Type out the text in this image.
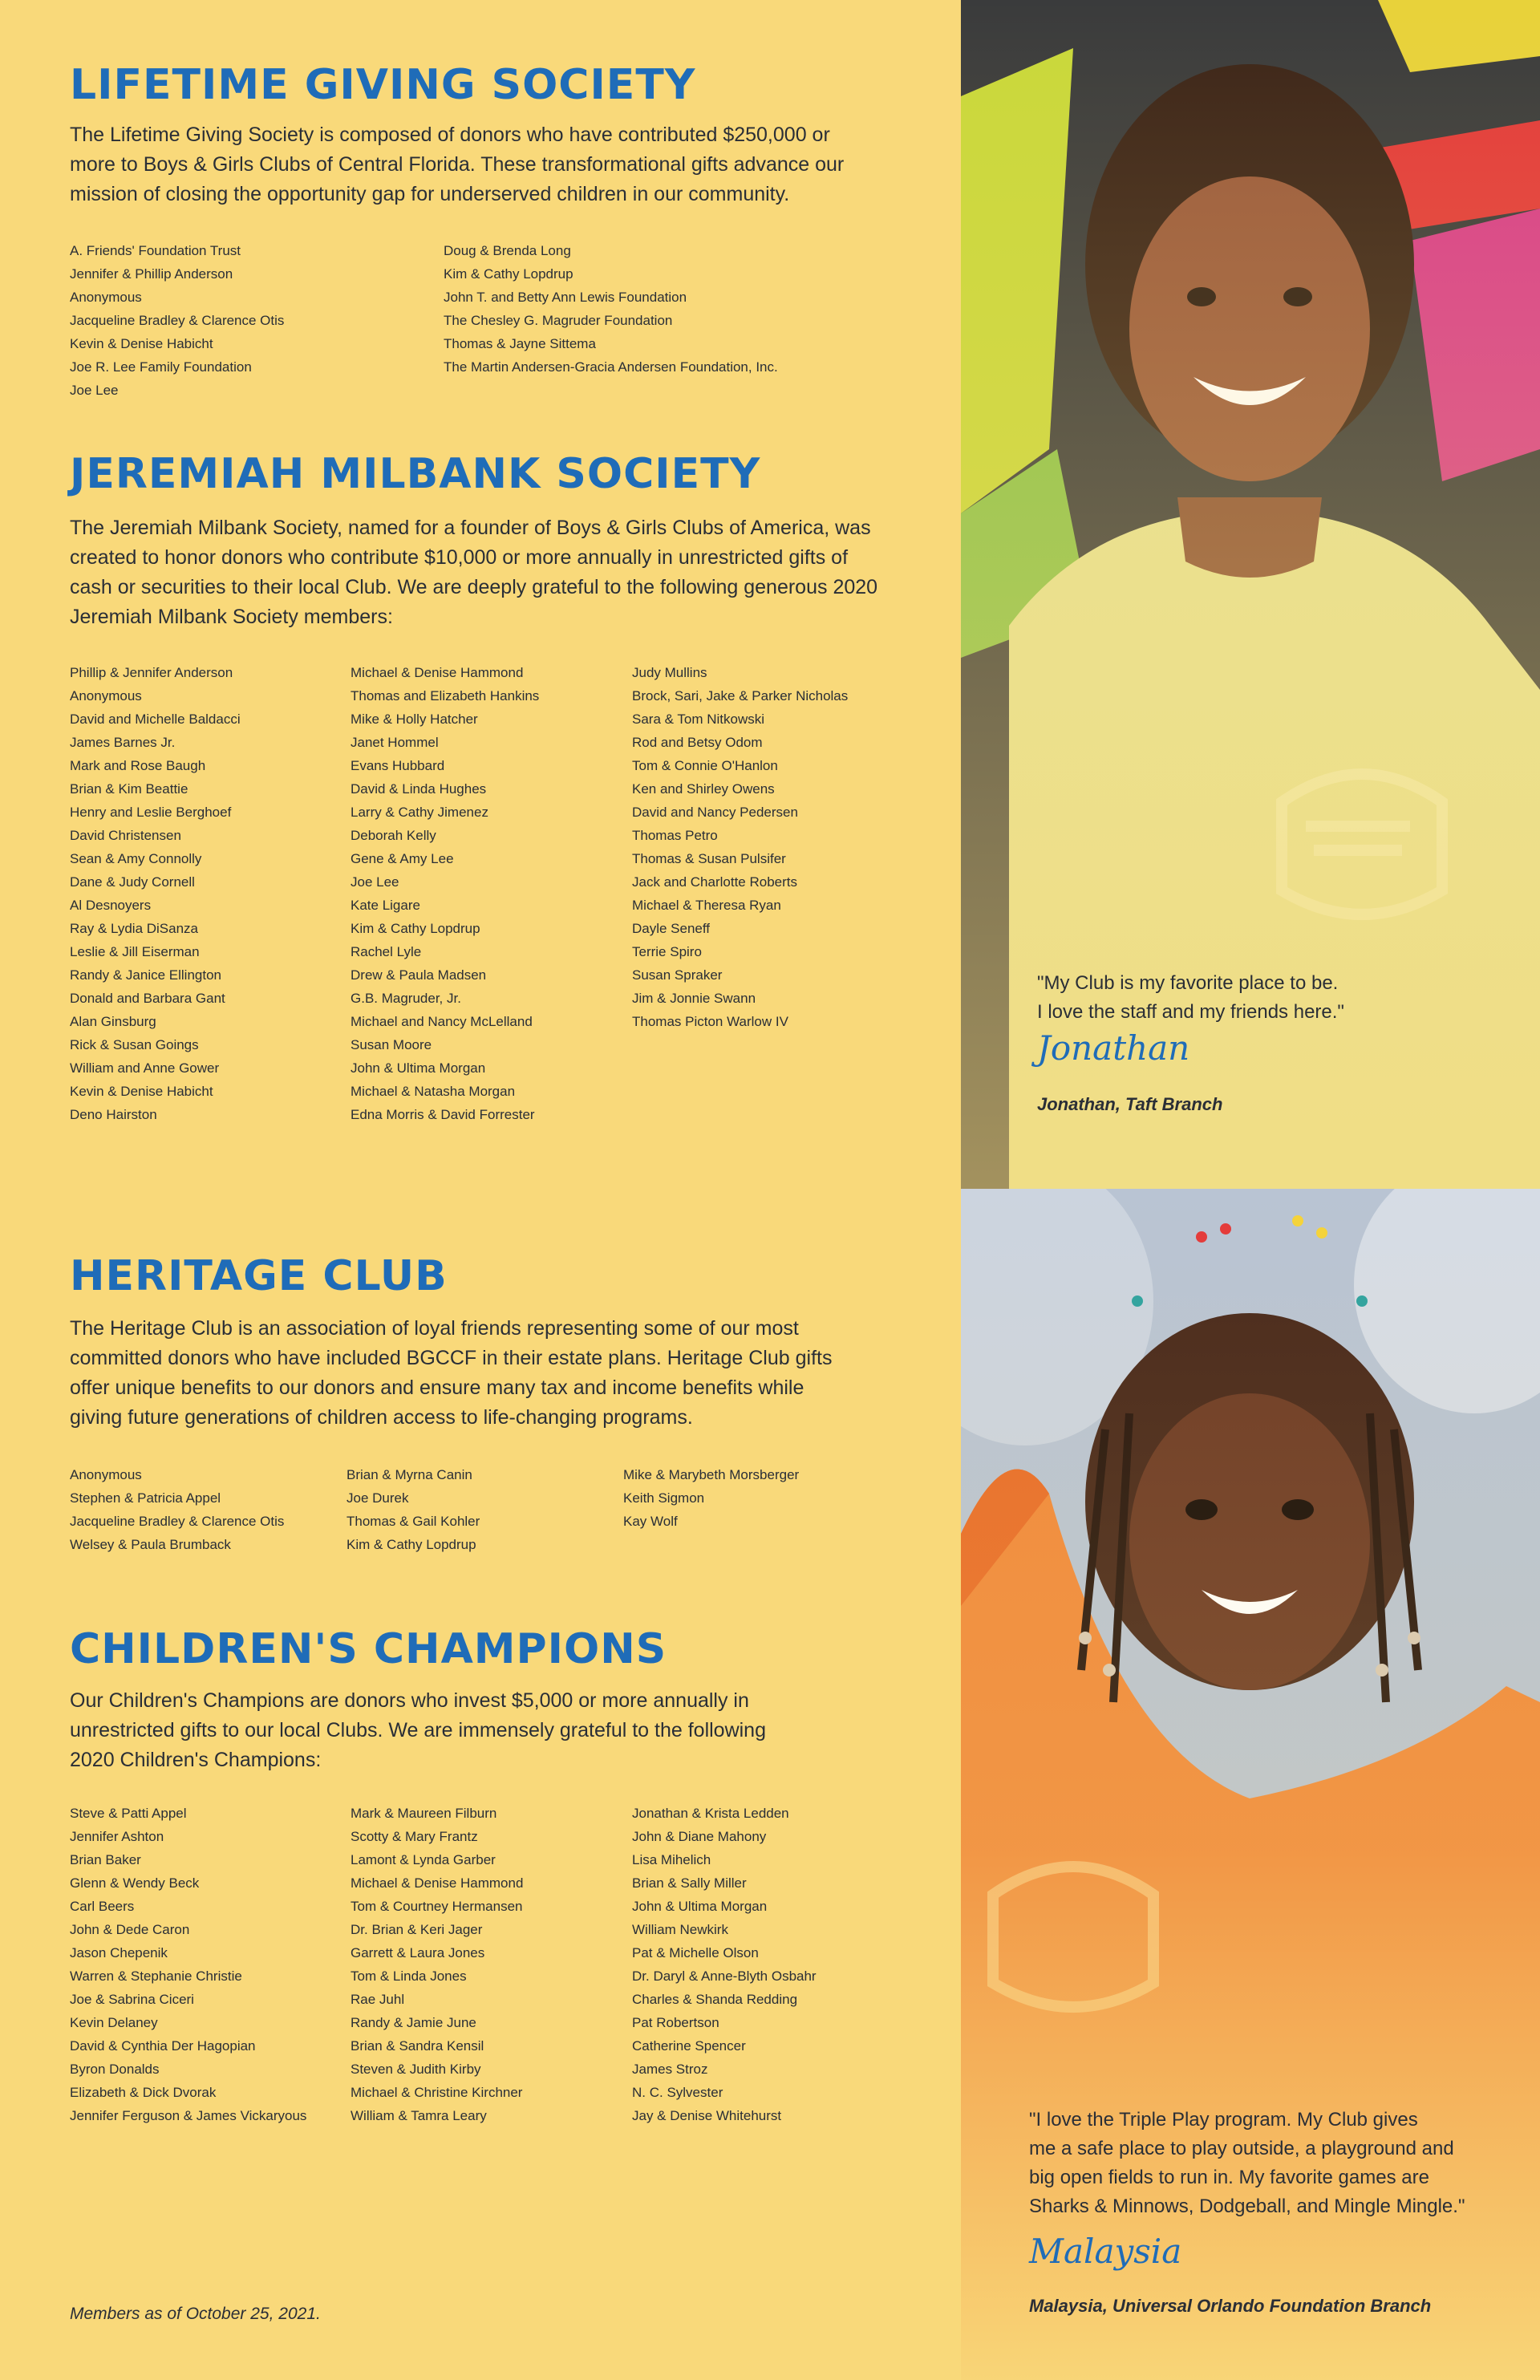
LIFETIME GIVING SOCIETY

The Lifetime Giving Society is composed of donors who have contributed $250,000 or more to Boys & Girls Clubs of Central Florida. These transformational gifts advance our mission of closing the opportunity gap for underserved children in our community.

A. Friends' Foundation Trust
Jennifer & Phillip Anderson
Anonymous
Jacqueline Bradley & Clarence Otis
Kevin & Denise Habicht
Joe R. Lee Family Foundation
Joe Lee
Doug & Brenda Long
Kim & Cathy Lopdrup
John T. and Betty Ann Lewis Foundation
The Chesley G. Magruder Foundation
Thomas & Jayne Sittema
The Martin Andersen-Gracia Andersen Foundation, Inc.
JEREMIAH MILBANK SOCIETY

The Jeremiah Milbank Society, named for a founder of Boys & Girls Clubs of America, was created to honor donors who contribute $10,000 or more annually in unrestricted gifts of cash or securities to their local Club. We are deeply grateful to the following generous 2020 Jeremiah Milbank Society members:

Phillip & Jennifer Anderson
Anonymous
David and Michelle Baldacci
James Barnes Jr.
Mark and Rose Baugh
Brian & Kim Beattie
Henry and Leslie Berghoef
David Christensen
Sean & Amy Connolly
Dane & Judy Cornell
Al Desnoyers
Ray & Lydia DiSanza
Leslie & Jill Eiserman
Randy & Janice Ellington
Donald and Barbara Gant
Alan Ginsburg
Rick & Susan Goings
William and Anne Gower
Kevin & Denise Habicht
Deno Hairston
Michael & Denise Hammond
Thomas and Elizabeth Hankins
Mike & Holly Hatcher
Janet Hommel
Evans Hubbard
David & Linda Hughes
Larry & Cathy Jimenez
Deborah Kelly
Gene & Amy Lee
Joe Lee
Kate Ligare
Kim & Cathy Lopdrup
Rachel Lyle
Drew & Paula Madsen
G.B. Magruder, Jr.
Michael and Nancy McLelland
Susan Moore
John & Ultima Morgan
Michael & Natasha Morgan
Edna Morris & David Forrester
Judy Mullins
Brock, Sari, Jake & Parker Nicholas
Sara & Tom Nitkowski
Rod and Betsy Odom
Tom & Connie O'Hanlon
Ken and Shirley Owens
David and Nancy Pedersen
Thomas Petro
Thomas & Susan Pulsifer
Jack and Charlotte Roberts
Michael & Theresa Ryan
Dayle Seneff
Terrie Spiro
Susan Spraker
Jim & Jonnie Swann
Thomas Picton Warlow IV
HERITAGE CLUB

The Heritage Club is an association of loyal friends representing some of our most committed donors who have included BGCCF in their estate plans. Heritage Club gifts offer unique benefits to our donors and ensure many tax and income benefits while giving future generations of children access to life-changing programs.

Anonymous
Stephen & Patricia Appel
Jacqueline Bradley & Clarence Otis
Welsey & Paula Brumback
Brian & Myrna Canin
Joe Durek
Thomas & Gail Kohler
Kim & Cathy Lopdrup
Mike & Marybeth Morsberger
Keith Sigmon
Kay Wolf
CHILDREN'S CHAMPIONS

Our Children's Champions are donors who invest $5,000 or more annually in unrestricted gifts to our local Clubs. We are immensely grateful to the following 2020 Children's Champions:

Steve & Patti Appel
Jennifer Ashton
Brian Baker
Glenn & Wendy Beck
Carl Beers
John & Dede Caron
Jason Chepenik
Warren & Stephanie Christie
Joe & Sabrina Ciceri
Kevin Delaney
David & Cynthia Der Hagopian
Byron Donalds
Elizabeth & Dick Dvorak
Jennifer Ferguson & James Vickaryous
Mark & Maureen Filburn
Scotty & Mary Frantz
Lamont & Lynda Garber
Michael & Denise Hammond
Tom & Courtney Hermansen
Dr. Brian & Keri Jager
Garrett & Laura Jones
Tom & Linda Jones
Rae Juhl
Randy & Jamie June
Brian & Sandra Kensil
Steven & Judith Kirby
Michael & Christine Kirchner
William & Tamra Leary
Jonathan & Krista Ledden
John & Diane Mahony
Lisa Mihelich
Brian & Sally Miller
John & Ultima Morgan
William Newkirk
Pat & Michelle Olson
Dr. Daryl & Anne-Blyth Osbahr
Charles & Shanda Redding
Pat Robertson
Catherine Spencer
James Stroz
N. C. Sylvester
Jay & Denise Whitehurst

Members as of October 25, 2021.

"My Club is my favorite place to be.
I love the staff and my friends here."

Jonathan

Jonathan, Taft Branch

"I love the Triple Play program. My Club gives
me a safe place to play outside, a playground and
big open fields to run in. My favorite games are
Sharks & Minnows, Dodgeball, and Mingle Mingle."

Malaysia

Malaysia, Universal Orlando Foundation Branch
